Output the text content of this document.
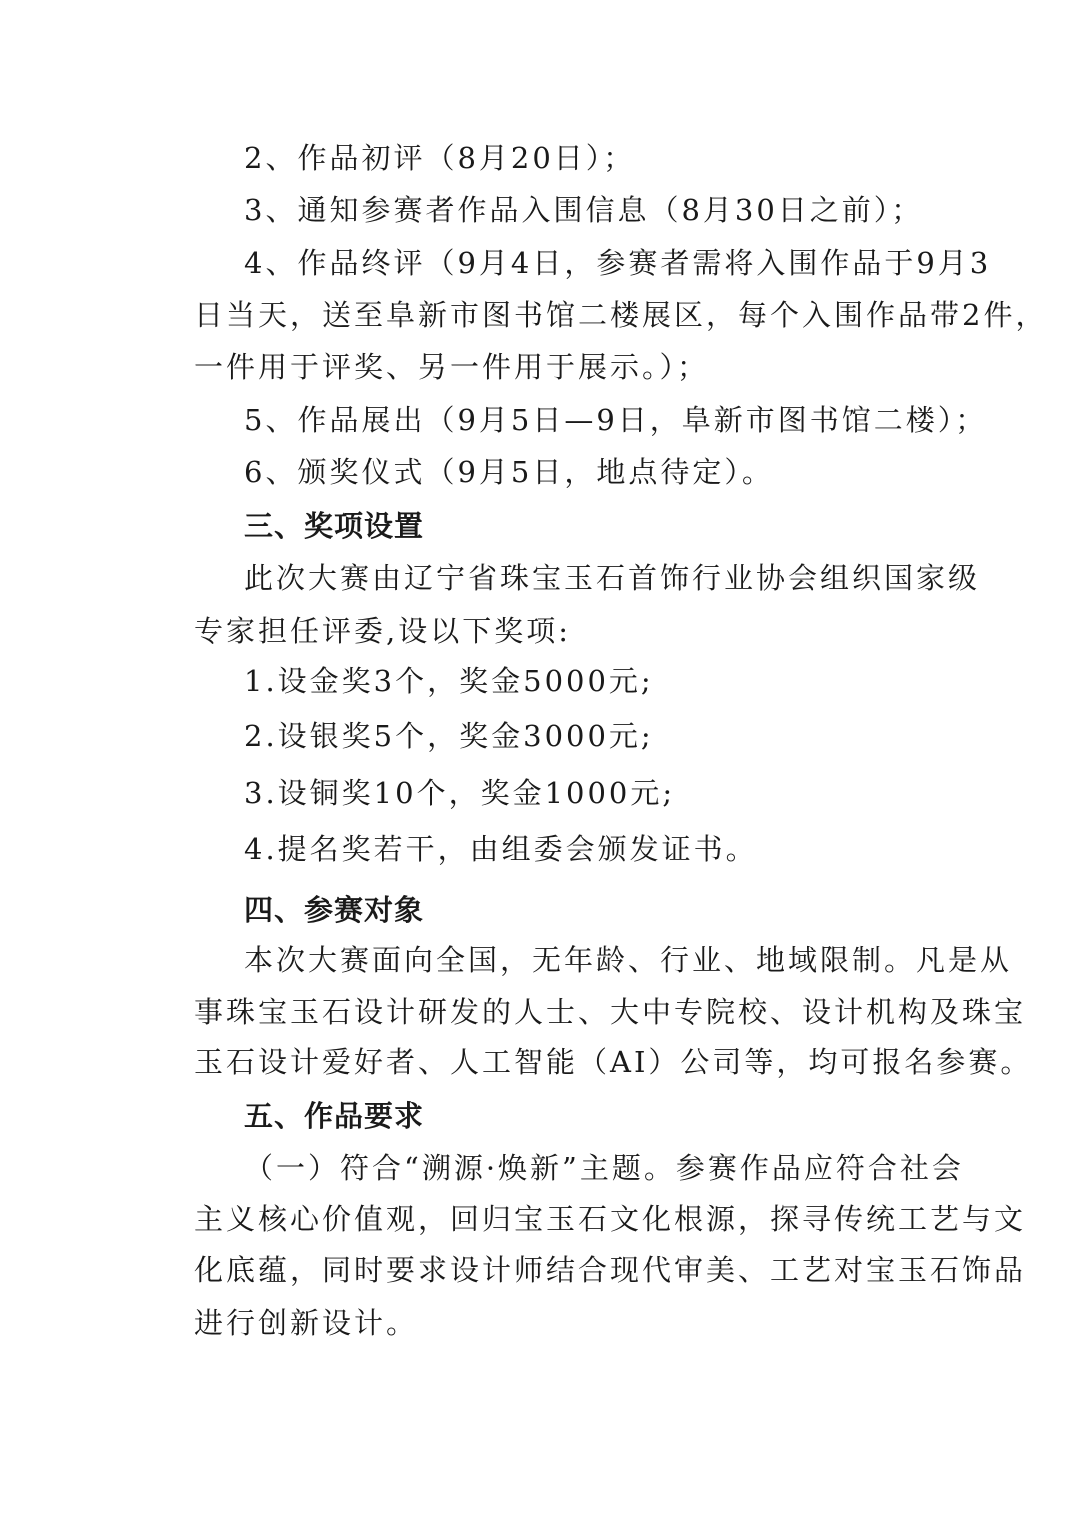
2、作品初评（8月20日）；
3、通知参赛者作品入围信息（8月30日之前）；
4、作品终评（9月4日，参赛者需将入围作品于9月3
日当天，送至阜新市图书馆二楼展区，每个入围作品带2件，
一件用于评奖、另一件用于展示。）；
5、作品展出（9月5日—9日，阜新市图书馆二楼）；
6、颁奖仪式（9月5日，地点待定）。
三、奖项设置
此次大赛由辽宁省珠宝玉石首饰行业协会组织国家级
专家担任评委,设以下奖项:
1.设金奖3个，奖金5000元;
2.设银奖5个，奖金3000元;
3.设铜奖10个，奖金1000元;
4.提名奖若干，由组委会颁发证书。
四、参赛对象
本次大赛面向全国，无年龄、行业、地域限制。凡是从
事珠宝玉石设计研发的人士、大中专院校、设计机构及珠宝
玉石设计爱好者、人工智能（AI）公司等，均可报名参赛。
五、作品要求
（一）符合“溯源·焕新”主题。参赛作品应符合社会
主义核心价值观，回归宝玉石文化根源，探寻传统工艺与文
化底蕴，同时要求设计师结合现代审美、工艺对宝玉石饰品
进行创新设计。
